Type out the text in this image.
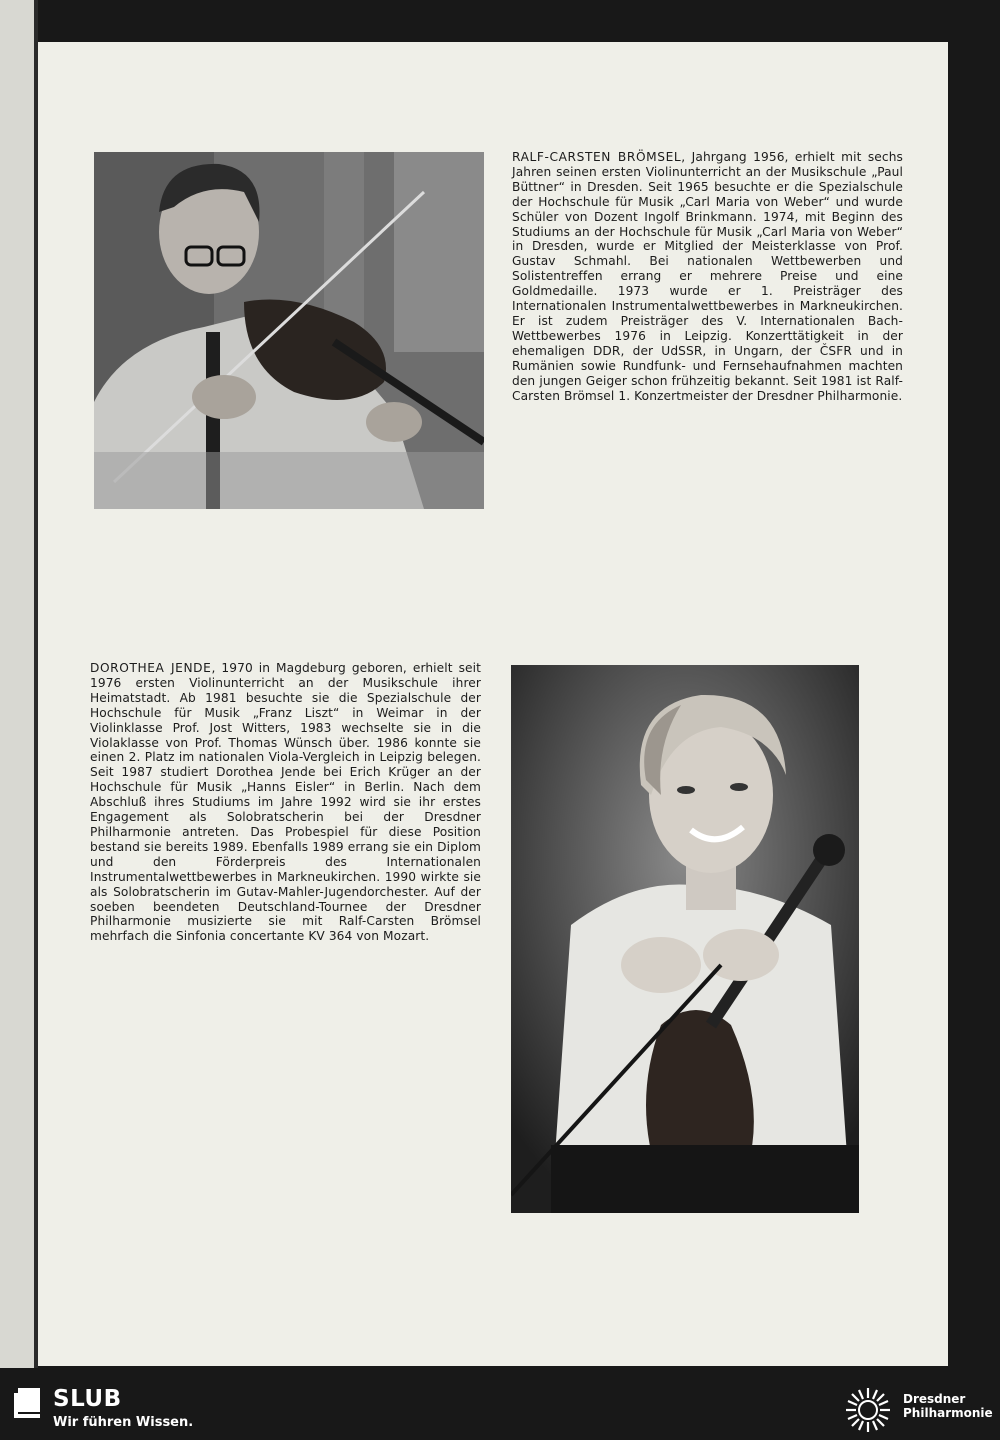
RALF-CARSTEN BRÖMSEL, Jahrgang 1956, erhielt mit sechs Jahren seinen ersten Violinunterricht an der Musikschule „Paul Büttner“ in Dresden. Seit 1965 besuchte er die Spezialschule der Hochschule für Musik „Carl Maria von Weber“ und wurde Schüler von Dozent Ingolf Brinkmann. 1974, mit Beginn des Studiums an der Hochschule für Musik „Carl Maria von Weber“ in Dresden, wurde er Mitglied der Meisterklasse von Prof. Gustav Schmahl. Bei nationalen Wettbewerben und Solistentreffen errang er mehrere Preise und eine Goldmedaille. 1973 wurde er 1. Preisträger des Internationalen Instrumentalwettbewerbes in Markneukirchen. Er ist zudem Preisträger des V. Internationalen Bach-Wettbewerbes 1976 in Leipzig. Konzerttätigkeit in der ehemaligen DDR, der UdSSR, in Ungarn, der ČSFR und in Rumänien sowie Rundfunk- und Fernsehaufnahmen machten den jungen Geiger schon frühzeitig bekannt. Seit 1981 ist Ralf-Carsten Brömsel 1. Konzertmeister der Dresdner Philharmonie.
DOROTHEA JENDE, 1970 in Magdeburg geboren, erhielt seit 1976 ersten Violinunterricht an der Musikschule ihrer Heimatstadt. Ab 1981 besuchte sie die Spezialschule der Hochschule für Musik „Franz Liszt“ in Weimar in der Violinklasse Prof. Jost Witters, 1983 wechselte sie in die Violaklasse von Prof. Thomas Wünsch über. 1986 konnte sie einen 2. Platz im nationalen Viola-Vergleich in Leipzig belegen. Seit 1987 studiert Dorothea Jende bei Erich Krüger an der Hochschule für Musik „Hanns Eisler“ in Berlin. Nach dem Abschluß ihres Studiums im Jahre 1992 wird sie ihr erstes Engagement als Solobratscherin bei der Dresdner Philharmonie antreten. Das Probespiel für diese Position bestand sie bereits 1989. Ebenfalls 1989 errang sie ein Diplom und den Förderpreis des Internationalen Instrumentalwettbewerbes in Markneukirchen. 1990 wirkte sie als Solobratscherin im Gutav-Mahler-Jugendorchester. Auf der soeben beendeten Deutschland-Tournee der Dresdner Philharmonie musizierte sie mit Ralf-Carsten Brömsel mehrfach die Sinfonia concertante KV 364 von Mozart.
SLUB
Wir führen Wissen.
Dresdner
Philharmonie
